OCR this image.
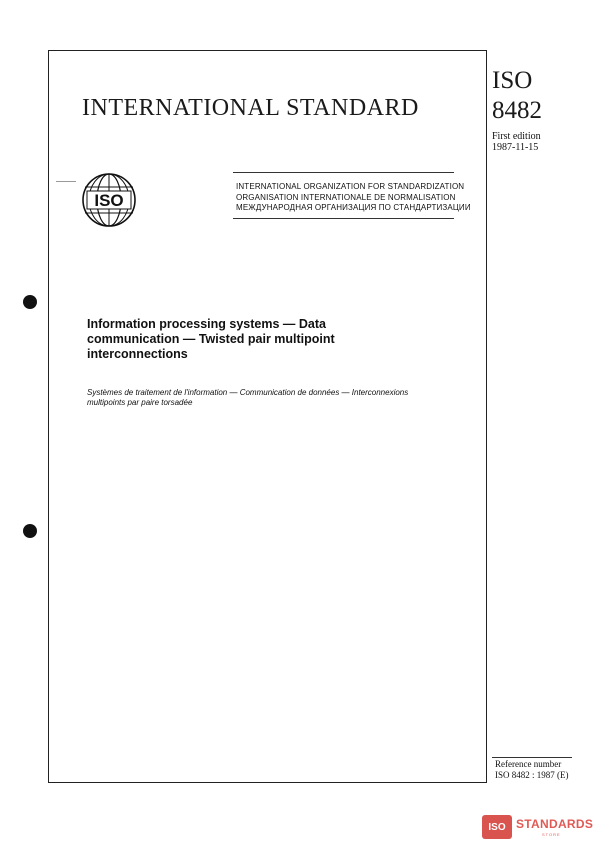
INTERNATIONAL STANDARD
ISO
8482
First edition
1987-11-15
ISO
INTERNATIONAL ORGANIZATION FOR STANDARDIZATION
ORGANISATION INTERNATIONALE DE NORMALISATION
МЕЖДУНАРОДНАЯ ОРГАНИЗАЦИЯ ПО СТАНДАРТИЗАЦИИ
Information processing systems — Data
communication — Twisted pair multipoint
interconnections
Systèmes de traitement de l'information — Communication de données — Interconnexions
multipoints par paire torsadée
Reference number
ISO 8482 : 1987 (E)
ISO STANDARDS
STORE
